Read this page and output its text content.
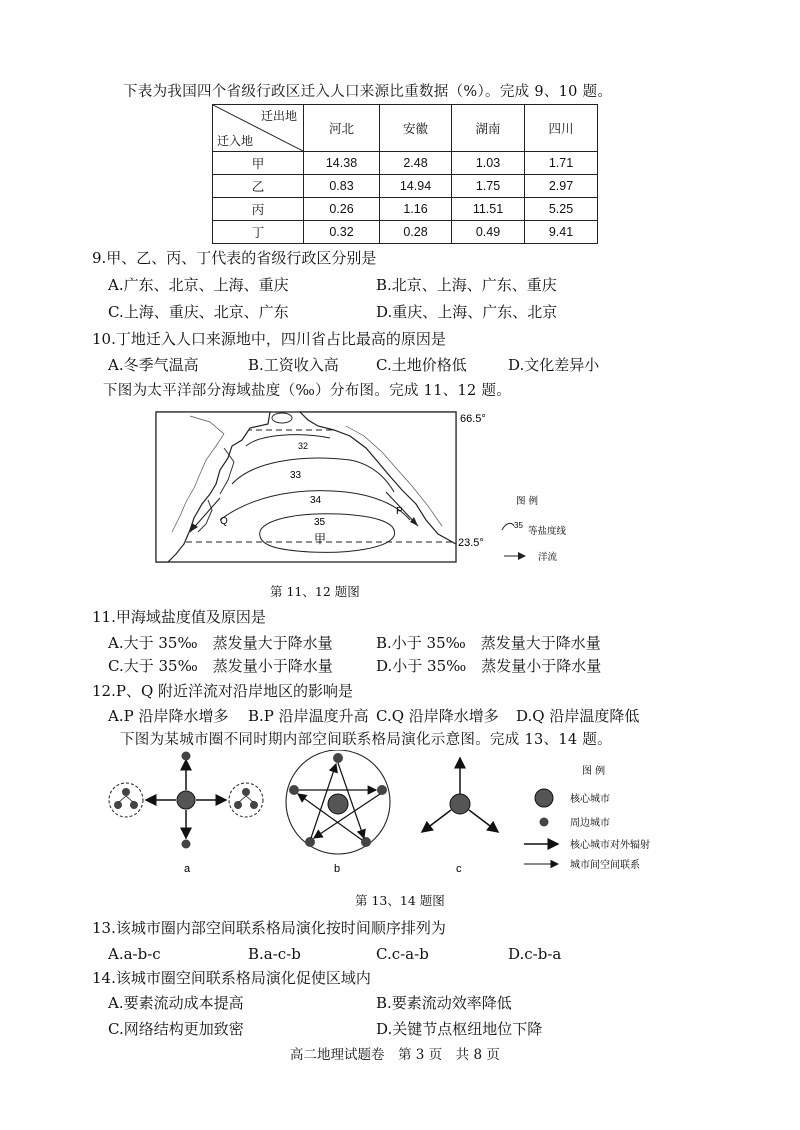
下表为我国四个省级行政区迁入人口来源比重数据（%）。完成 9、10 题。
迁出地
迁入地	河北	安徽	湖南	四川
甲	14.38	2.48	1.03	1.71
乙	0.83	14.94	1.75	2.97
丙	0.26	1.16	11.51	5.25
丁	0.32	0.28	0.49	9.41
9.甲、乙、丙、丁代表的省级行政区分别是
A.广东、北京、上海、重庆	B.北京、上海、广东、重庆
C.上海、重庆、北京、广东	D.重庆、上海、广东、北京
10.丁地迁入人口来源地中，四川省占比最高的原因是
A.冬季气温高	B.工资收入高 C.土地价格低	D.文化差异小
下图为太平洋部分海域盐度（‰）分布图。完成 11、12 题。
32
33
34
35
甲
P
Q
66.5°
23.5°
图 例
35
等盐度线
洋流
第 11、12 题图
11.甲海域盐度值及原因是
A.大于 35‰　蒸发量大于降水量	B.小于 35‰　蒸发量大于降水量
C.大于 35‰　蒸发量小于降水量	D.小于 35‰　蒸发量小于降水量
12.P、Q 附近洋流对沿岸地区的影响是
A.P 沿岸降水增多 B.P 沿岸温度升高 C.Q 沿岸降水增多 D.Q 沿岸温度降低
下图为某城市圈不同时期内部空间联系格局演化示意图。完成 13、14 题。
a	b	c
图 例
核心城市
周边城市
核心城市对外辐射
城市间空间联系
第 13、14 题图
13.该城市圈内部空间联系格局演化按时间顺序排列为
A.a-b-c	B.a-c-b	C.c-a-b	D.c-b-a
14.该城市圈空间联系格局演化促使区域内
A.要素流动成本提高	B.要素流动效率降低
C.网络结构更加致密	D.关键节点枢纽地位下降
高二地理试题卷　第 3 页　共 8 页
